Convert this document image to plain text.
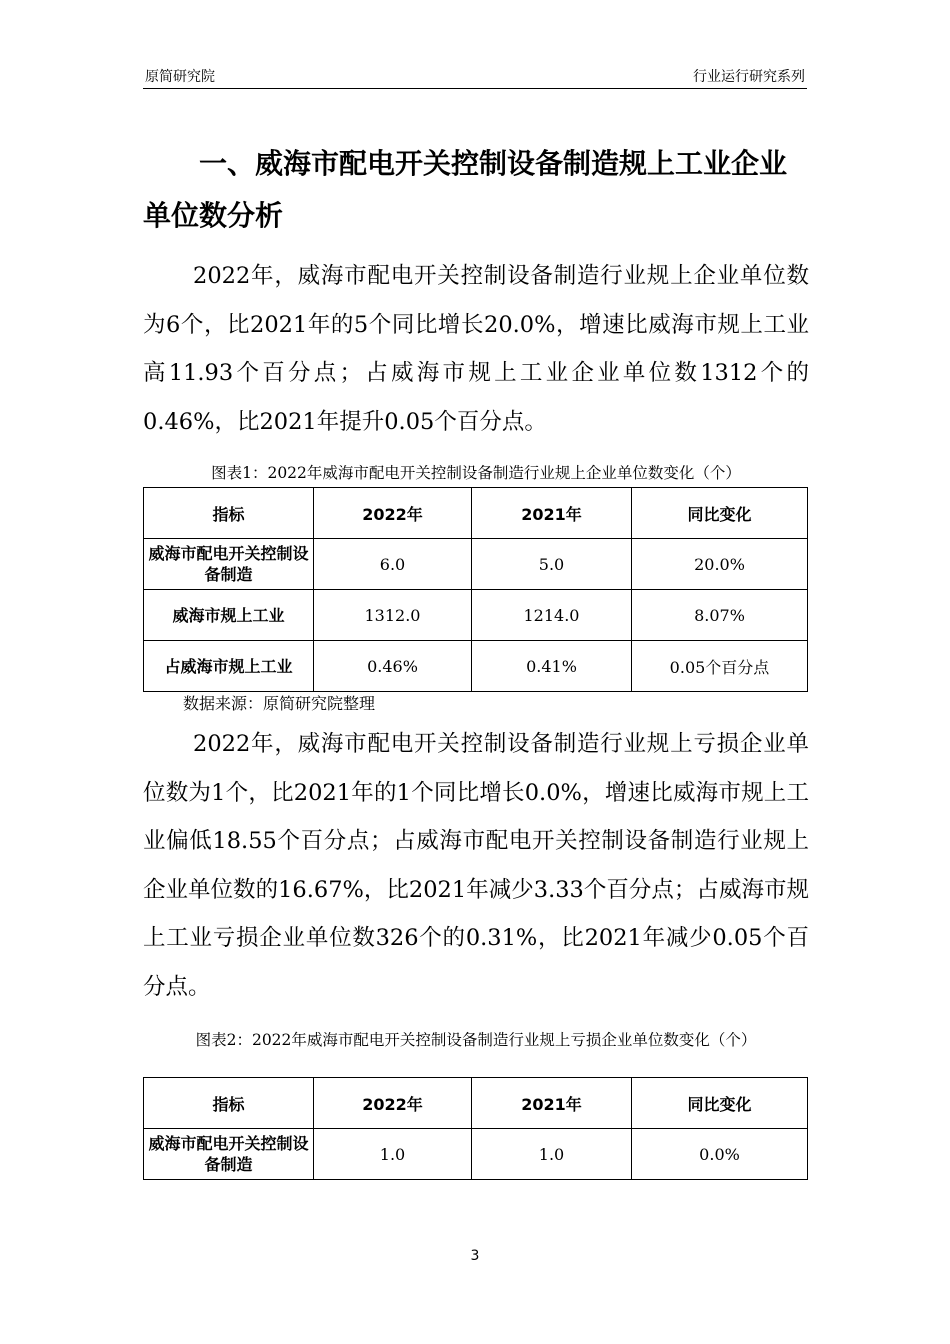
原简研究院	行业运行研究系列
一、威海市配电开关控制设备制造规上工业企业单位数分析
2022年，威海市配电开关控制设备制造行业规上企业单位数为6个，比2021年的5个同比增长20.0%，增速比威海市规上工业高11.93个百分点；占威海市规上工业企业单位数1312个的0.46%，比2021年提升0.05个百分点。
图表1：2022年威海市配电开关控制设备制造行业规上企业单位数变化（个）
指标	2022年	2021年	同比变化
威海市配电开关控制设备制造	6.0	5.0	20.0%
威海市规上工业	1312.0	1214.0	8.07%
占威海市规上工业	0.46%	0.41%	0.05个百分点
数据来源：原简研究院整理
2022年，威海市配电开关控制设备制造行业规上亏损企业单位数为1个，比2021年的1个同比增长0.0%，增速比威海市规上工业偏低18.55个百分点；占威海市配电开关控制设备制造行业规上企业单位数的16.67%，比2021年减少3.33个百分点；占威海市规上工业亏损企业单位数326个的0.31%，比2021年减少0.05个百分点。
图表2：2022年威海市配电开关控制设备制造行业规上亏损企业单位数变化（个）
指标	2022年	2021年	同比变化
威海市配电开关控制设备制造	1.0	1.0	0.0%
3
